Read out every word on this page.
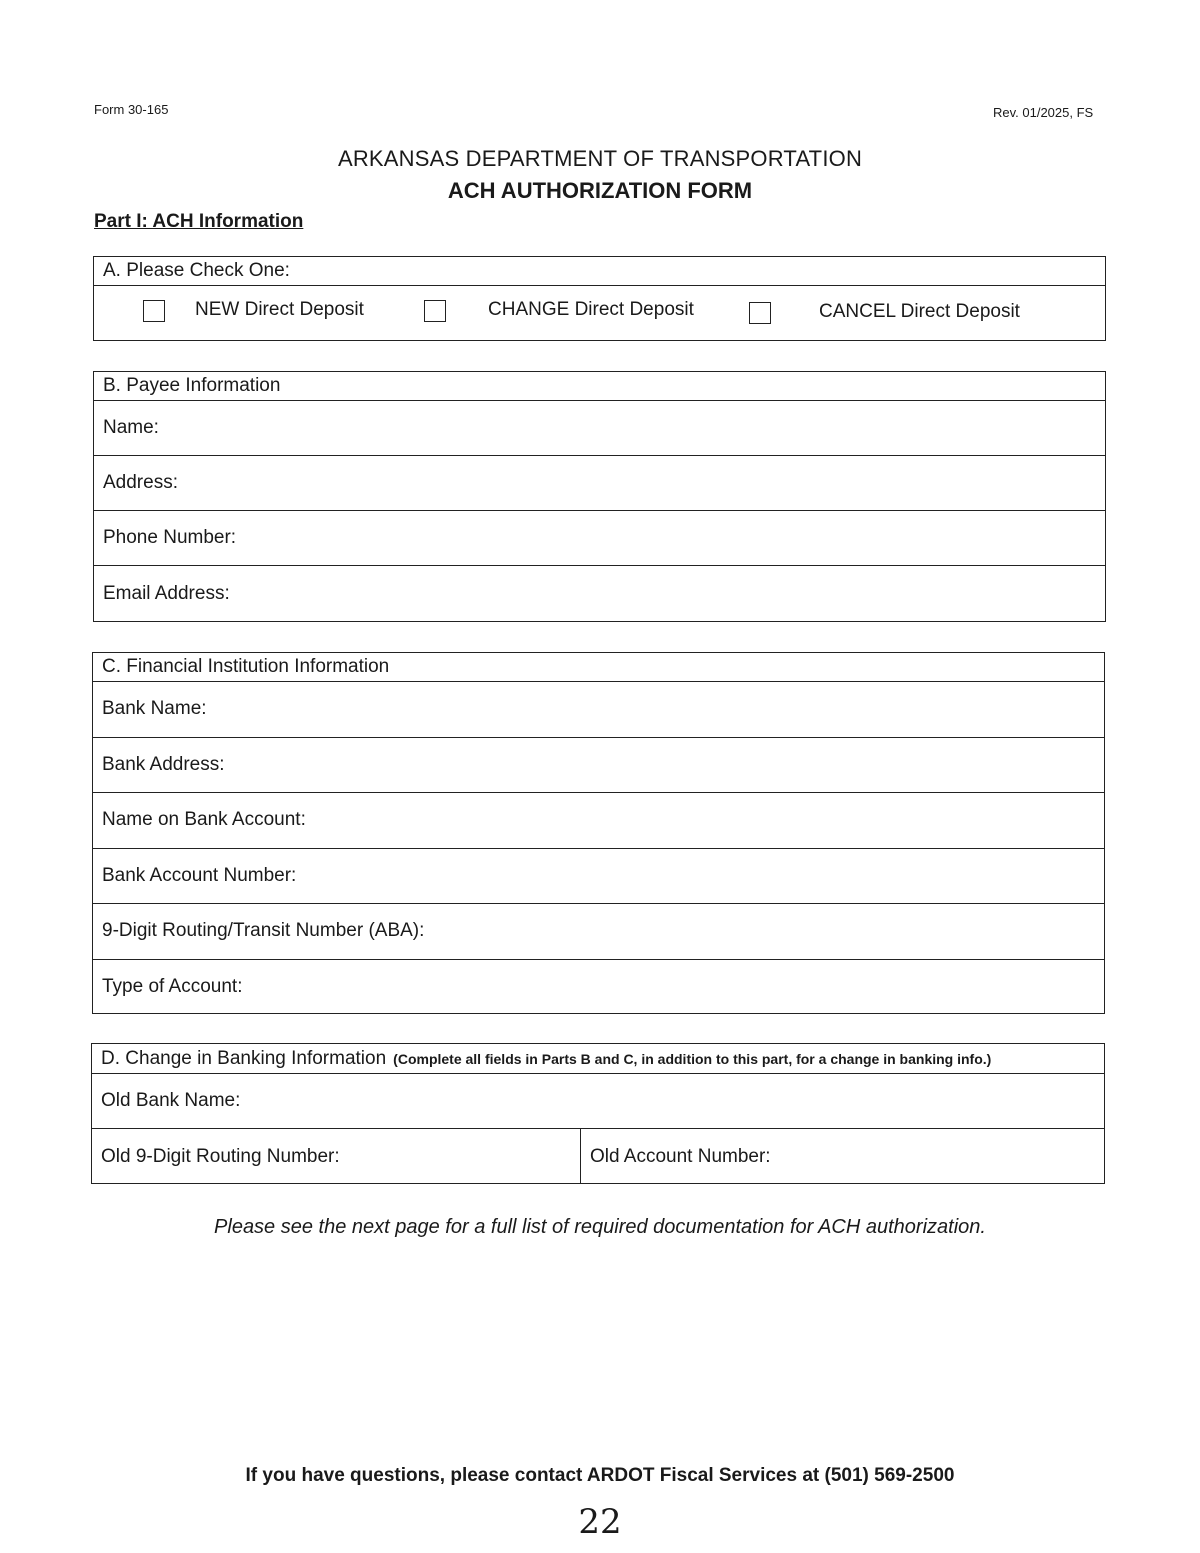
Form 30-165	Rev. 01/2025, FS
ARKANSAS DEPARTMENT OF TRANSPORTATION
ACH AUTHORIZATION FORM
Part I: ACH Information
A. Please Check One:
NEW Direct Deposit	CHANGE Direct Deposit	CANCEL Direct Deposit
B. Payee Information
Name:
Address:
Phone Number:
Email Address:
C. Financial Institution Information
Bank Name:
Bank Address:
Name on Bank Account:
Bank Account Number:
9-Digit Routing/Transit Number (ABA):
Type of Account:
D. Change in Banking Information (Complete all fields in Parts B and C, in addition to this part, for a change in banking info.)
Old Bank Name:
Old 9-Digit Routing Number:	Old Account Number:
Please see the next page for a full list of required documentation for ACH authorization.
If you have questions, please contact ARDOT Fiscal Services at (501) 569-2500
22
